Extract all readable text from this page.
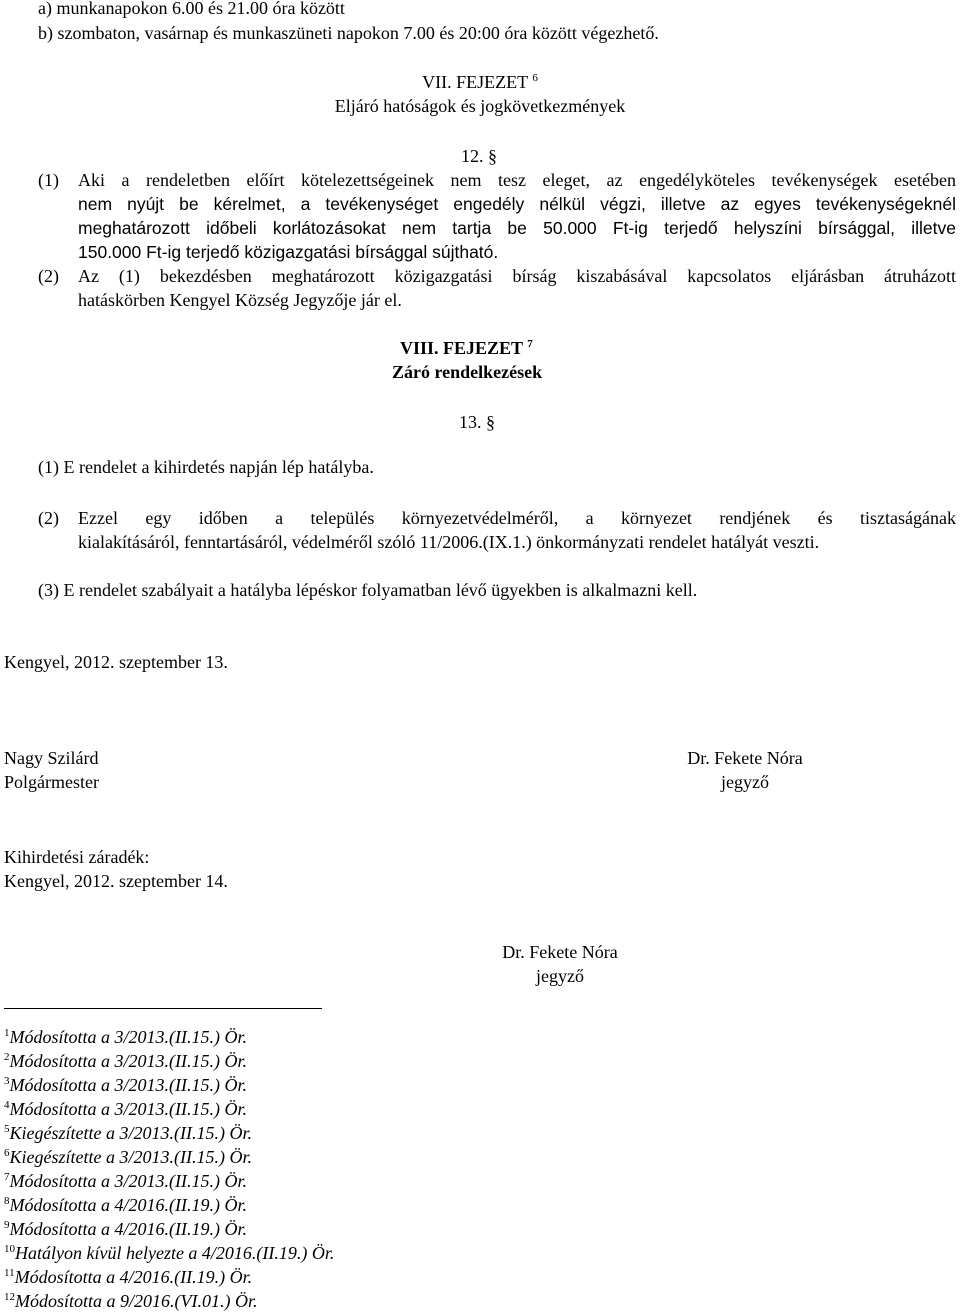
a) munkanapokon 6.00 és 21.00 óra között
b) szombaton, vasárnap és munkaszüneti napokon 7.00 és 20:00 óra között végezhető.
VII. FEJEZET $^6$
Eljáró hatóságok és jogkövetkezmények
12. §
(1) Aki a rendeletben előírt kötelezettségeinek nem tesz eleget, az engedélyköteles tevékenységek esetében
nem nyújt be kérelmet, a tevékenységet engedély nélkül végzi, illetve az egyes tevékenységeknél
meghatározott időbeli korlátozásokat nem tartja be 50.000 Ft-ig terjedő helyszíni bírsággal, illetve
150.000 Ft-ig terjedő közigazgatási bírsággal sújtható.
(2) Az (1) bekezdésben meghatározott közigazgatási bírság kiszabásával kapcsolatos eljárásban átruházott
hatáskörben Kengyel Község Jegyzője jár el.
VIII. FEJEZET $^7$
Záró rendelkezések
13. §
(1) E rendelet a kihirdetés napján lép hatályba.
(2) Ezzel egy időben a település környezetvédelméről, a környezet rendjének és tisztaságának
kialakításáról, fenntartásáról, védelméről szóló 11/2006.(IX.1.) önkormányzati rendelet hatályát veszti.
(3) E rendelet szabályait a hatályba lépéskor folyamatban lévő ügyekben is alkalmazni kell.
Kengyel, 2012. szeptember 13.
Nagy Szilárd
Polgármester
Dr. Fekete Nóra
jegyző
Kihirdetési záradék:
Kengyel, 2012. szeptember 14.
Dr. Fekete Nóra
jegyző
$^1$Módosította a 3/2013.(II.15.) Ör.
$^2$Módosította a 3/2013.(II.15.) Ör.
$^3$Módosította a 3/2013.(II.15.) Ör.
$^4$Módosította a 3/2013.(II.15.) Ör.
$^5$Kiegészítette a 3/2013.(II.15.) Ör.
$^6$Kiegészítette a 3/2013.(II.15.) Ör.
$^7$Módosította a 3/2013.(II.15.) Ör.
$^8$Módosította a 4/2016.(II.19.) Ör.
$^9$Módosította a 4/2016.(II.19.) Ör.
$^{10}$Hatályon kívül helyezte a 4/2016.(II.19.) Ör.
$^{11}$Módosította a 4/2016.(II.19.) Ör.
$^{12}$Módosította a 9/2016.(VI.01.) Ör.
